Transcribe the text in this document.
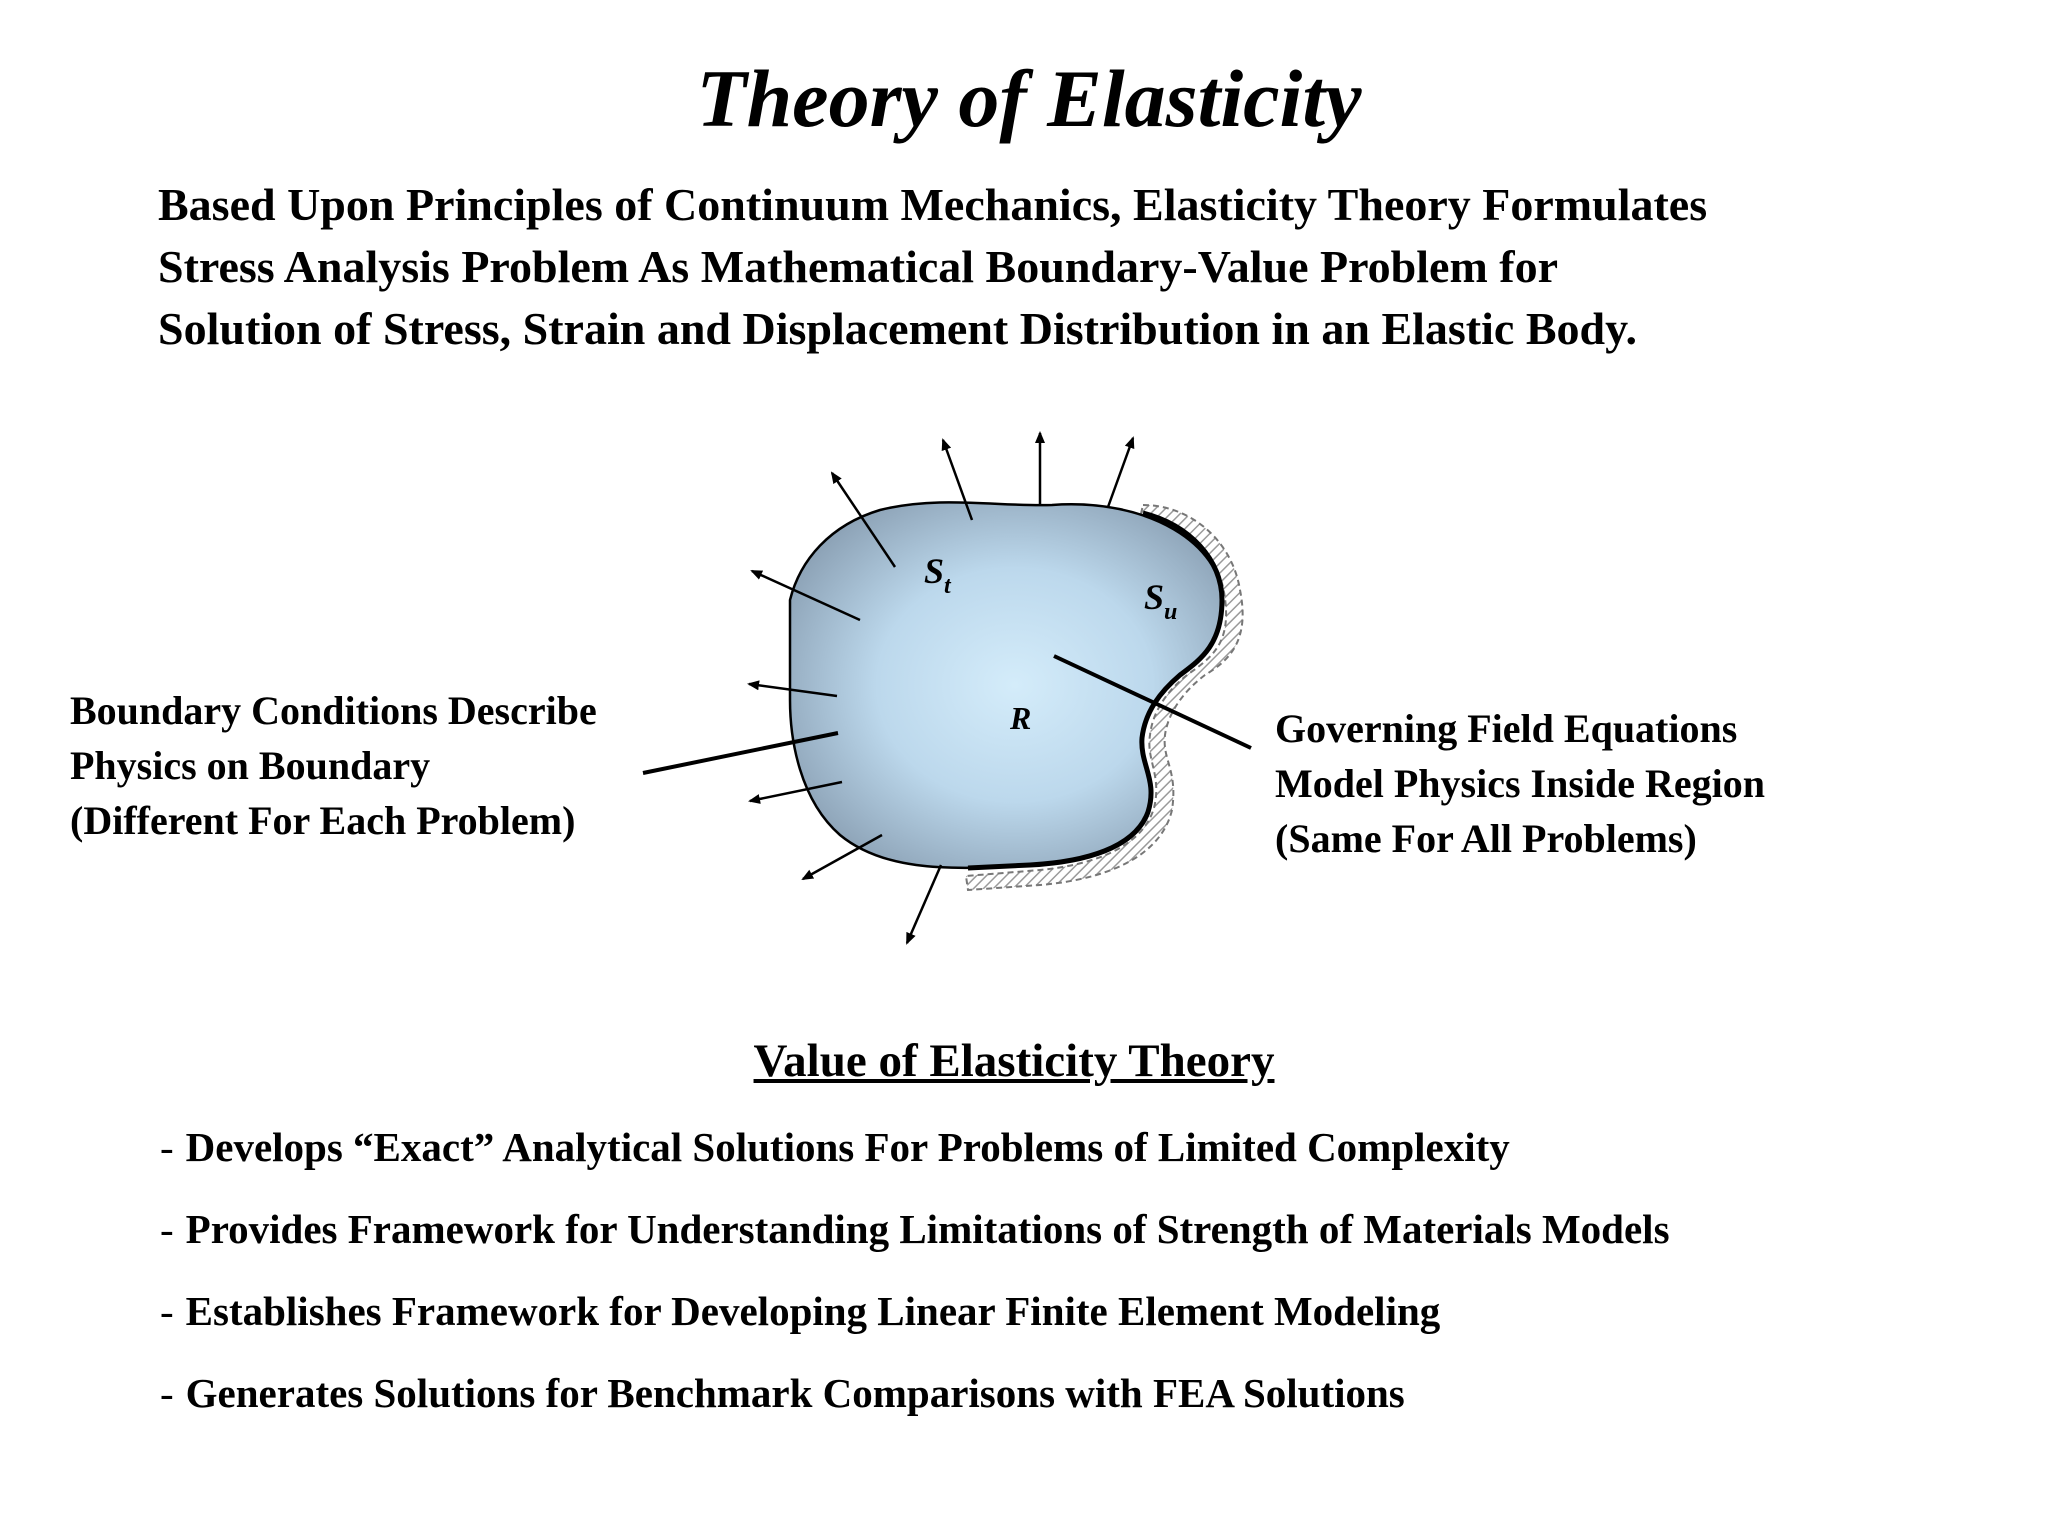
Theory of Elasticity
Based Upon Principles of Continuum Mechanics, Elasticity Theory Formulates
Stress Analysis Problem As Mathematical Boundary-Value Problem for
Solution of Stress, Strain and Displacement Distribution in an Elastic Body.
$S_t$	$S_u$
R
Boundary Conditions Describe
Physics on Boundary
(Different For Each Problem)
Governing Field Equations
Model Physics Inside Region
(Same For All Problems)
Value of Elasticity Theory
- Develops “Exact” Analytical Solutions For Problems of Limited Complexity
- Provides Framework for Understanding Limitations of Strength of Materials Models
- Establishes Framework for Developing Linear Finite Element Modeling
- Generates Solutions for Benchmark Comparisons with FEA Solutions
